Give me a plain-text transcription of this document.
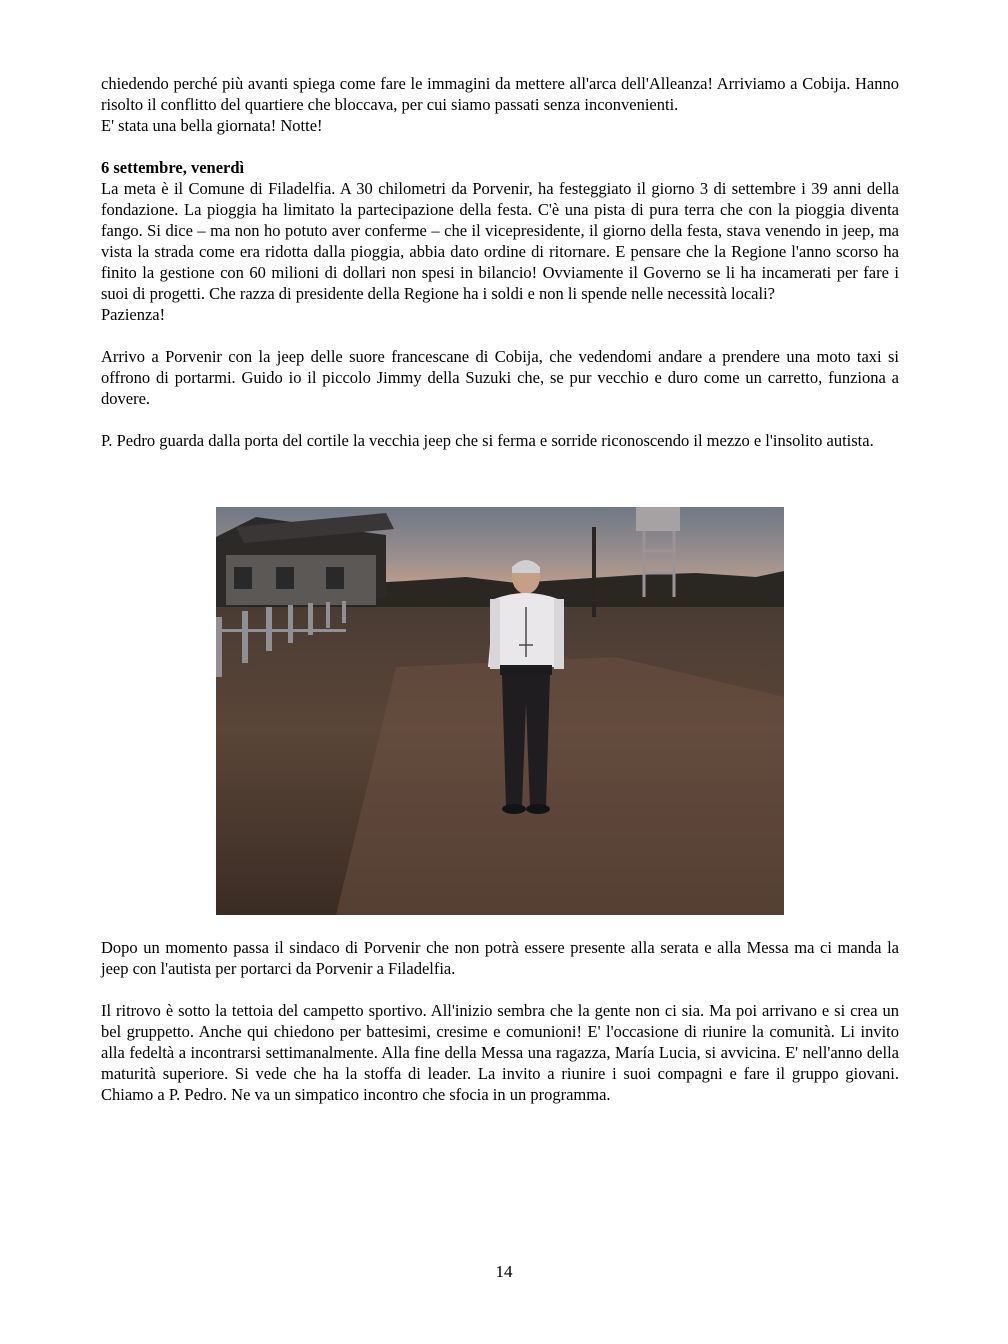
chiedendo perché più avanti spiega come fare le immagini da mettere all'arca dell'Alleanza! Arriviamo a Cobija. Hanno risolto il conflitto del quartiere che bloccava, per cui siamo passati senza inconvenienti.

E' stata una bella giornata! Notte!

6 settembre, venerdì

La meta è il Comune di Filadelfia. A 30 chilometri da Porvenir, ha festeggiato il giorno 3 di settembre i 39 anni della fondazione. La pioggia ha limitato la partecipazione della festa. C'è una pista di pura terra che con la pioggia diventa fango. Si dice – ma non ho potuto aver conferme – che il vicepresidente, il giorno della festa, stava venendo in jeep, ma vista la strada come era ridotta dalla pioggia, abbia dato ordine di ritornare. E pensare che la Regione l'anno scorso ha finito la gestione con 60 milioni di dollari non spesi in bilancio! Ovviamente il Governo se li ha incamerati per fare i suoi di progetti. Che razza di presidente della Regione ha i soldi e non li spende nelle necessità locali?

Pazienza!

Arrivo a Porvenir con la jeep delle suore francescane di Cobija, che vedendomi andare a prendere una moto taxi si offrono di portarmi. Guido io il piccolo Jimmy della Suzuki che, se pur vecchio e duro come un carretto, funziona a dovere.

P. Pedro guarda dalla porta del cortile la vecchia jeep che si ferma e sorride riconoscendo il mezzo e l'insolito autista.

Dopo un momento passa il sindaco di Porvenir che non potrà essere presente alla serata e alla Messa ma ci manda la jeep con l'autista per portarci da Porvenir a Filadelfia.

Il ritrovo è sotto la tettoia del campetto sportivo. All'inizio sembra che la gente non ci sia. Ma poi arrivano e si crea un bel gruppetto. Anche qui chiedono per battesimi, cresime e comunioni! E' l'occasione di riunire la comunità. Li invito alla fedeltà a incontrarsi settimanalmente. Alla fine della Messa una ragazza, María Lucia, si avvicina. E' nell'anno della maturità superiore. Si vede che ha la stoffa di leader. La invito a riunire i suoi compagni e fare il gruppo giovani. Chiamo a P. Pedro. Ne va un simpatico incontro che sfocia in un programma.

14
